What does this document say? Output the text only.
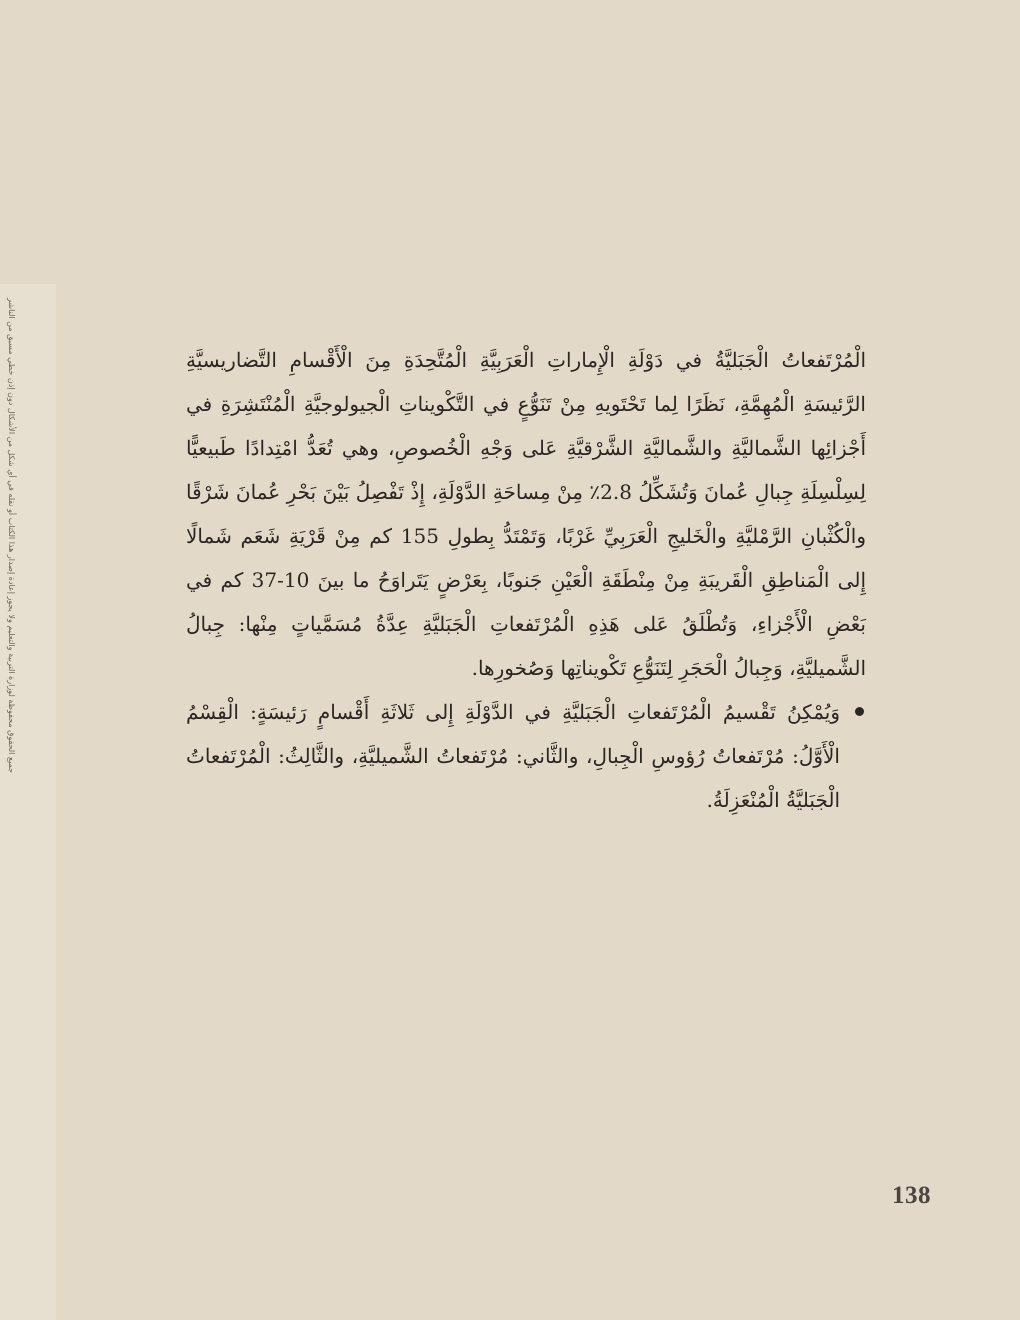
جميع الحقوق محفوظة لوزارة التربية والتعليم ولا يجوز إعادة إصدار هذا الكتاب أو نقله في أي شكل من الأشكال دون إذن خطي مسبق من الناشر	الْمُرْتَفعاتُ الْجَبَليَّةُ في دَوْلَةِ الْإِماراتِ الْعَرَبِيَّةِ الْمُتَّحِدَةِ مِنَ الْأَقْسامِ التَّضاريسيَّةِ الرَّئيسَةِ الْمُهِمَّةِ، نَظَرًا لِما تَحْتَويهِ مِنْ تَنَوُّعٍ في التَّكْويناتِ الْجيولوجيَّةِ الْمُنْتَشِرَةِ في أَجْزائِها الشَّماليَّةِ والشَّماليَّةِ الشَّرْقيَّةِ عَلى وَجْهِ الْخُصوصِ، وهي تُعَدُّ امْتِدادًا طَبيعيًّا لِسِلْسِلَةِ جِبالِ عُمانَ وَتُشَكِّلُ 2.8٪ مِنْ مِساحَةِ الدَّوْلَةِ، إِذْ تَفْصِلُ بَيْنَ بَحْرِ عُمانَ شَرْقًا والْكُثْبانِ الرَّمْليَّةِ والْخَليجِ الْعَرَبِيِّ غَرْبًا، وَتَمْتَدُّ بِطولِ 155 كم مِنْ قَرْيَةِ شَعَم شَمالًا إِلى الْمَناطِقِ الْقَريبَةِ مِنْ مِنْطَقَةِ الْعَيْنِ جَنوبًا، بِعَرْضٍ يَتَراوَحُ ما بينَ 10-37 كم في بَعْضِ الْأَجْزاءِ، وَتُطْلَقُ عَلى هَذِهِ الْمُرْتَفعاتِ الْجَبَليَّةِ عِدَّةُ مُسَمَّياتٍ مِنْها: جِبالُ الشَّميليَّةِ، وَجِبالُ الْحَجَرِ لِتَنَوُّعِ تَكْويناتِها وَصُخورِها.

وَيُمْكِنُ تَقْسيمُ الْمُرْتَفعاتِ الْجَبَليَّةِ في الدَّوْلَةِ إِلى ثَلاثَةِ أَقْسامٍ رَئيسَةٍ: الْقِسْمُ الْأَوَّلُ: مُرْتَفعاتُ رُؤوسِ الْجِبالِ، والثَّاني: مُرْتَفعاتُ الشَّميليَّةِ، والثَّالِثُ: الْمُرْتَفعاتُ الْجَبَليَّةُ الْمُنْعَزِلَةُ.
138
